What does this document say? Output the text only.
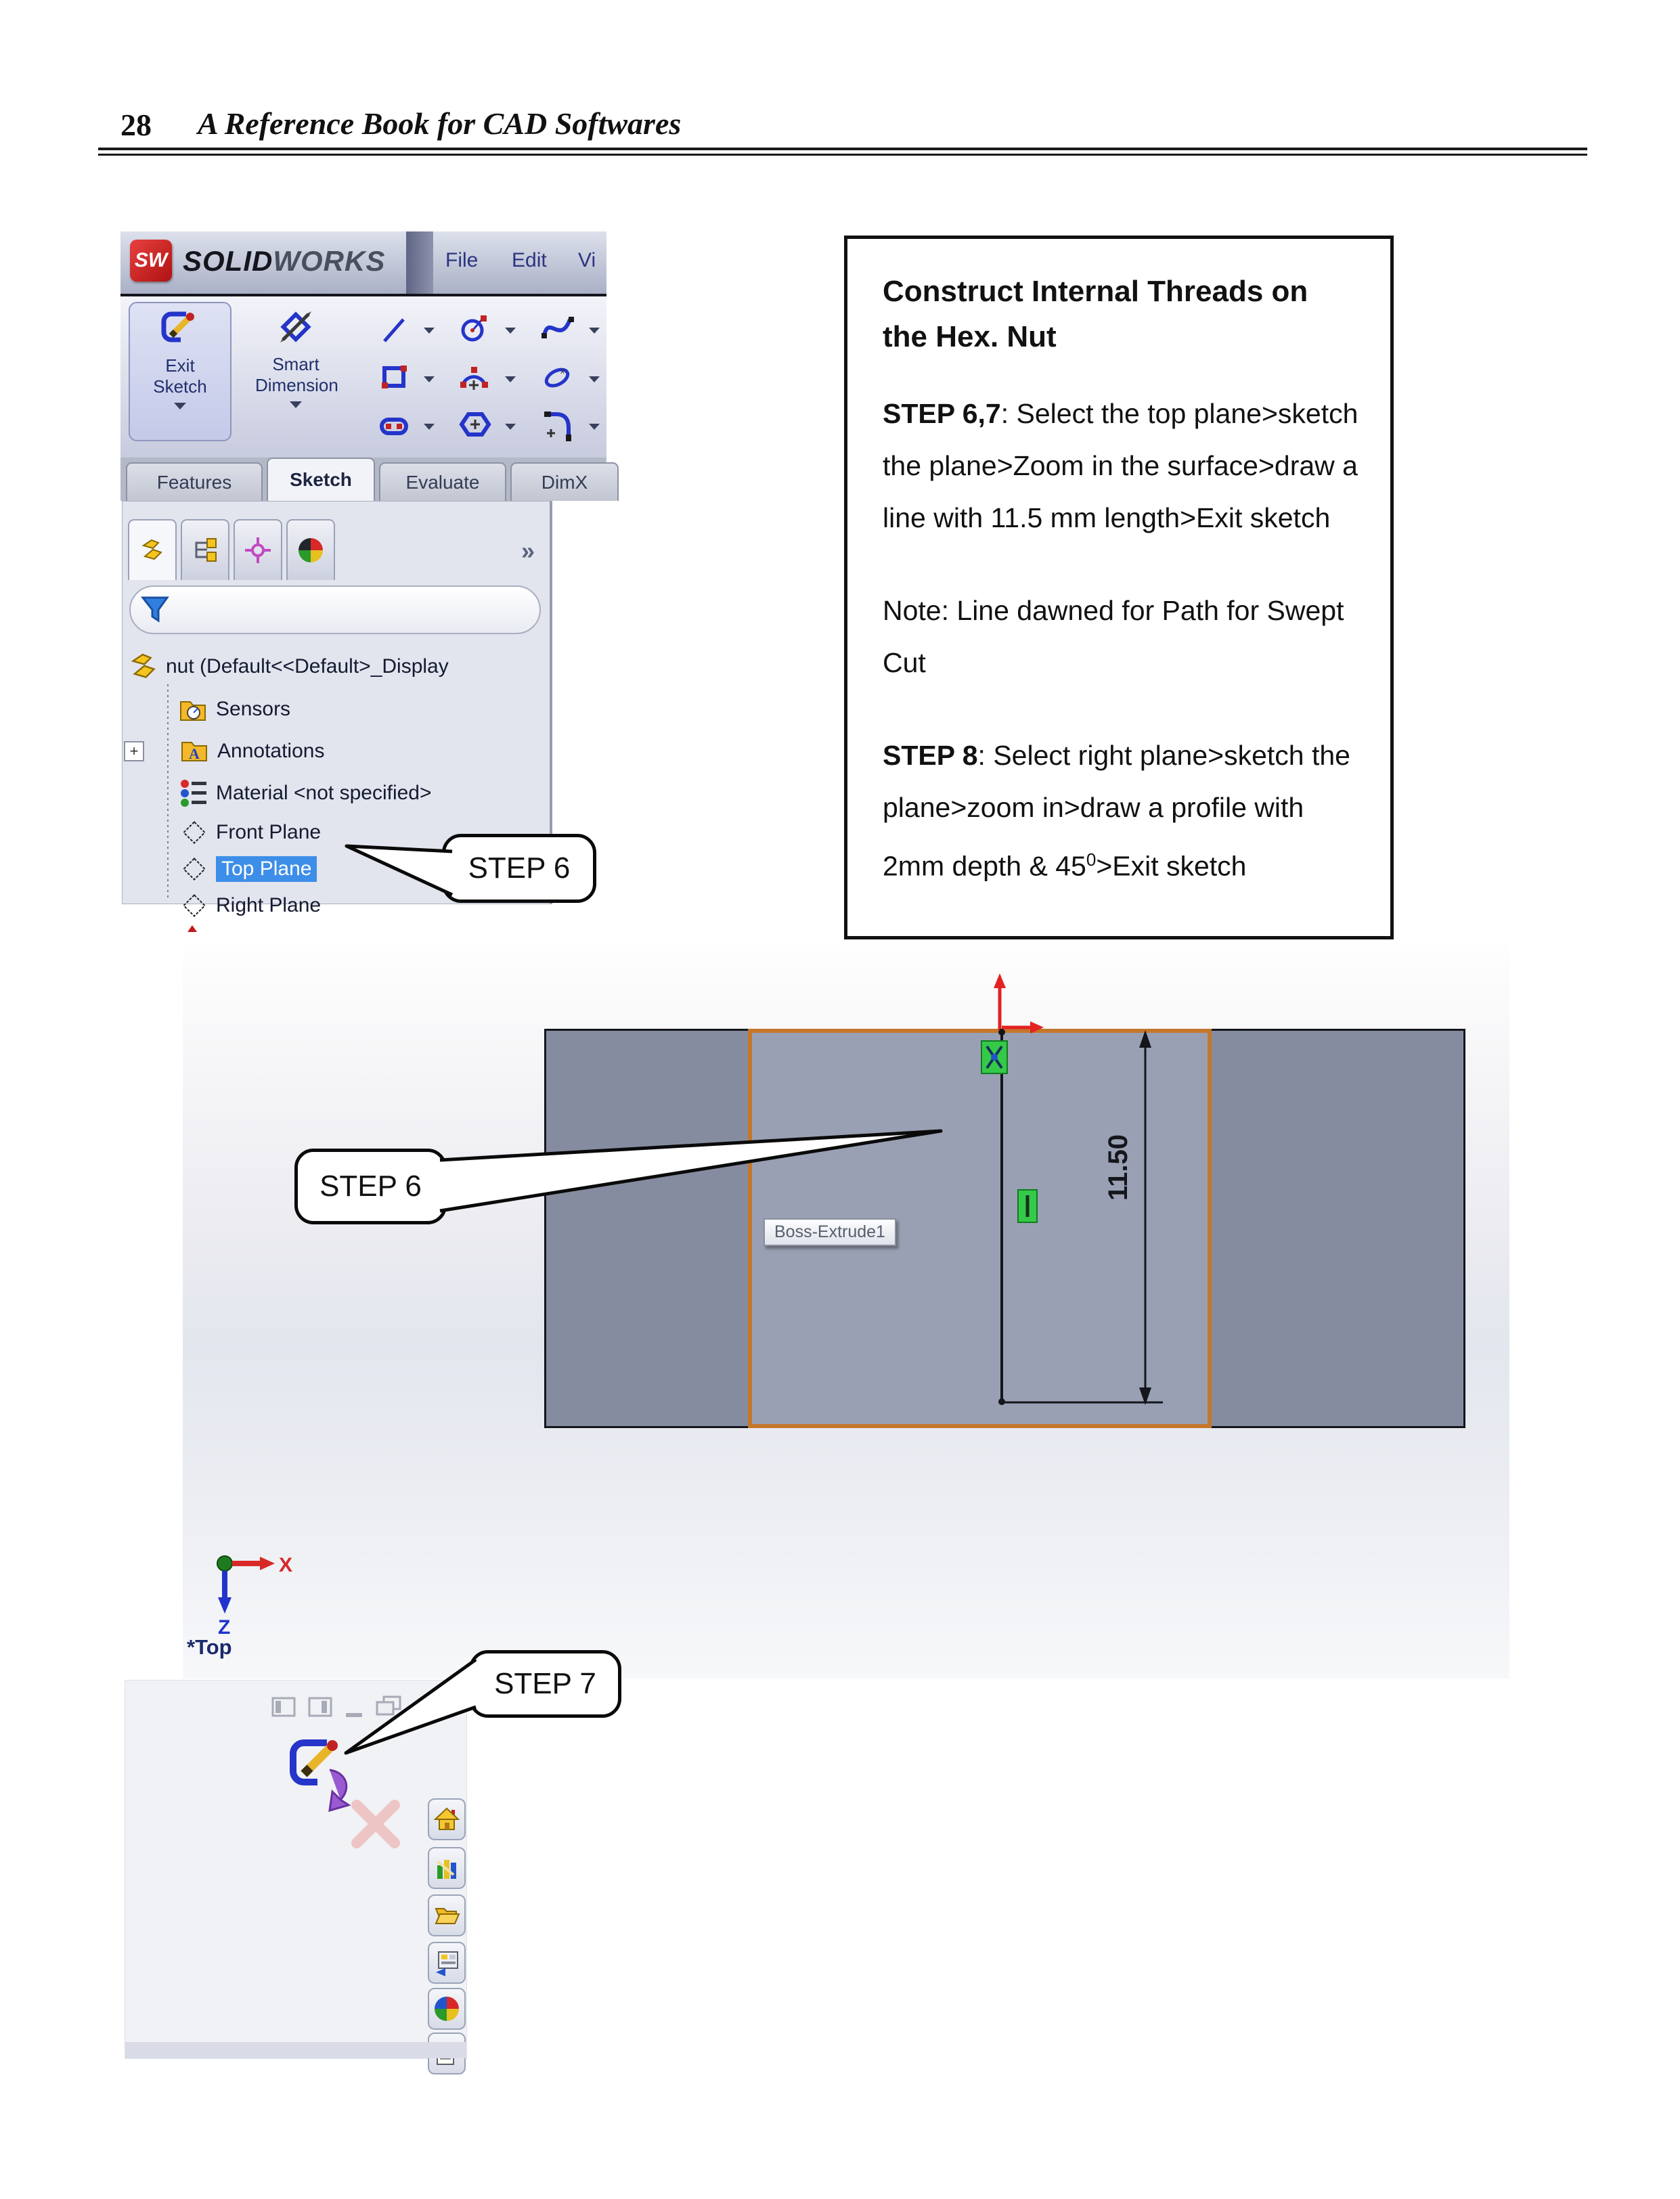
28 A Reference Book for CAD Softwares
SW SOLIDWORKS	File Edit Vi
Exit Sketch
Smart Dimension
x
Features	Sketch	Evaluate	DimX
»
nut (Default<<Default>_Display
Sensors
+	A Annotations
Material <not specified>
Front Plane
Top Plane
Right Plane
Construct Internal Threads on the Hex. Nut

STEP 6,7: Select the top plane>sketch the plane>Zoom in the surface>draw a line with 11.5 mm length>Exit sketch

Note: Line dawned for Path for Swept Cut

STEP 8: Select right plane>sketch the plane>zoom in>draw a profile with 2mm depth & $45^0>Exit$ sketch

11.50
X
Z
*Top
Boss-Extrude1
STEP 6
STEP 6
STEP 7
